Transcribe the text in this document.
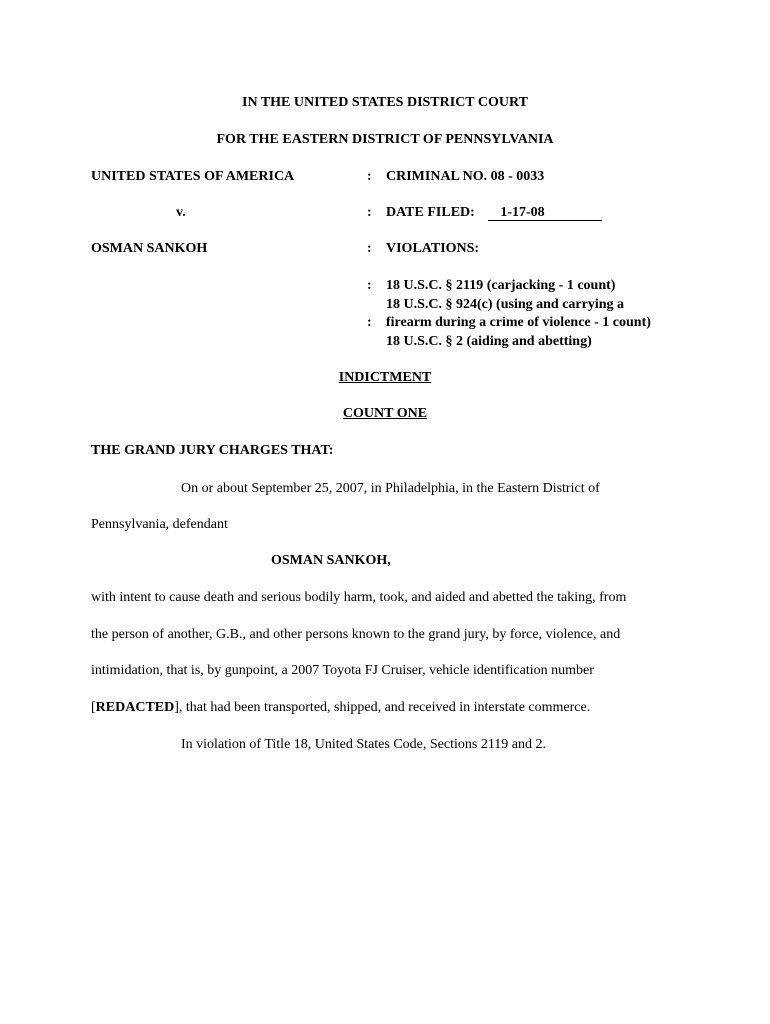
IN THE UNITED STATES DISTRICT COURT
FOR THE EASTERN DISTRICT OF PENNSYLVANIA
UNITED STATES OF AMERICA
v.
OSMAN SANKOH
:
:
:
:
:
CRIMINAL NO. 08 - 0033
DATE FILED: 1-17-08
VIOLATIONS:
18 U.S.C. § 2119 (carjacking - 1 count)
18 U.S.C. § 924(c) (using and carrying a
firearm during a crime of violence - 1 count)
18 U.S.C. § 2 (aiding and abetting)
INDICTMENT
COUNT ONE
THE GRAND JURY CHARGES THAT:
On or about September 25, 2007, in Philadelphia, in the Eastern District of
Pennsylvania, defendant
OSMAN SANKOH,
with intent to cause death and serious bodily harm, took, and aided and abetted the taking, from
the person of another, G.B., and other persons known to the grand jury, by force, violence, and
intimidation, that is, by gunpoint, a 2007 Toyota FJ Cruiser, vehicle identification number
[REDACTED], that had been transported, shipped, and received in interstate commerce.
In violation of Title 18, United States Code, Sections 2119 and 2.
